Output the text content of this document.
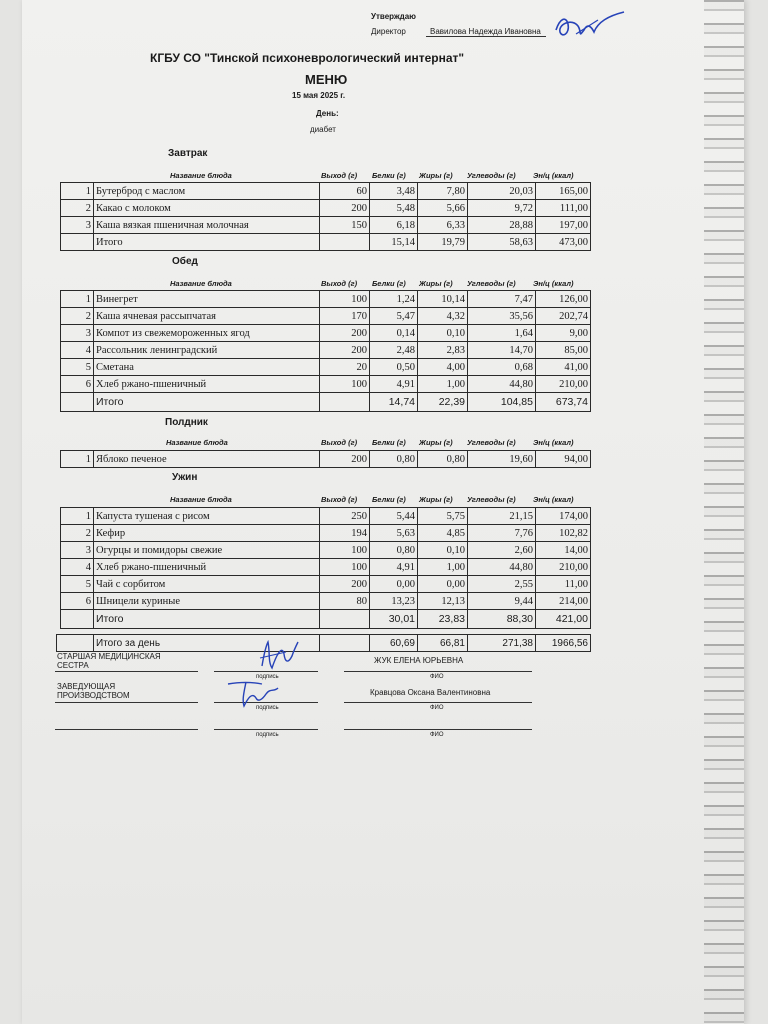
Утверждаю
Директор	Вавилова Надежда Ивановна
КГБУ СО "Тинской психоневрологический интернат"
МЕНЮ
15 мая 2025 г.
День:
диабет
Завтрак
Название блюда	Выход (г) Белки (г) Жиры (г) Углеводы (г) Эн/ц (ккал)
1	Бутерброд с маслом	60	3,48	7,80	20,03	165,00
2	Какао с молоком	200	5,48	5,66	9,72	111,00
3	Каша вязкая пшеничная молочная	150	6,18	6,33	28,88	197,00
	Итого		15,14	19,79	58,63	473,00
Обед
Название блюда	Выход (г) Белки (г) Жиры (г) Углеводы (г) Эн/ц (ккал)
1	Винегрет	100	1,24	10,14	7,47	126,00
2	Каша ячневая рассыпчатая	170	5,47	4,32	35,56	202,74
3	Компот из свежемороженных ягод	200	0,14	0,10	1,64	9,00
4	Рассольник ленинградский	200	2,48	2,83	14,70	85,00
5	Сметана	20	0,50	4,00	0,68	41,00
6	Хлеб ржано-пшеничный	100	4,91	1,00	44,80	210,00
	Итого		14,74	22,39	104,85	673,74
Полдник
Название блюда	Выход (г) Белки (г) Жиры (г) Углеводы (г) Эн/ц (ккал)
1	Яблоко печеное	200	0,80	0,80	19,60	94,00
Ужин
Название блюда	Выход (г) Белки (г) Жиры (г) Углеводы (г) Эн/ц (ккал)
1	Капуста тушеная с рисом	250	5,44	5,75	21,15	174,00
2	Кефир	194	5,63	4,85	7,76	102,82
3	Огурцы и помидоры свежие	100	0,80	0,10	2,60	14,00
4	Хлеб ржано-пшеничный	100	4,91	1,00	44,80	210,00
5	Чай с сорбитом	200	0,00	0,00	2,55	11,00
6	Шницели куриные	80	13,23	12,13	9,44	214,00
	Итого		30,01	23,83	88,30	421,00
	Итого за день		60,69	66,81	271,38	1966,56
СТАРШАЯ МЕДИЦИНСКАЯ
СЕСТРА
подпись
ЖУК ЕЛЕНА ЮРЬЕВНА
ФИО
ЗАВЕДУЮЩАЯ
ПРОИЗВОДСТВОМ
подпись
Кравцова Оксана Валентиновна
ФИО
подпись	ФИО
